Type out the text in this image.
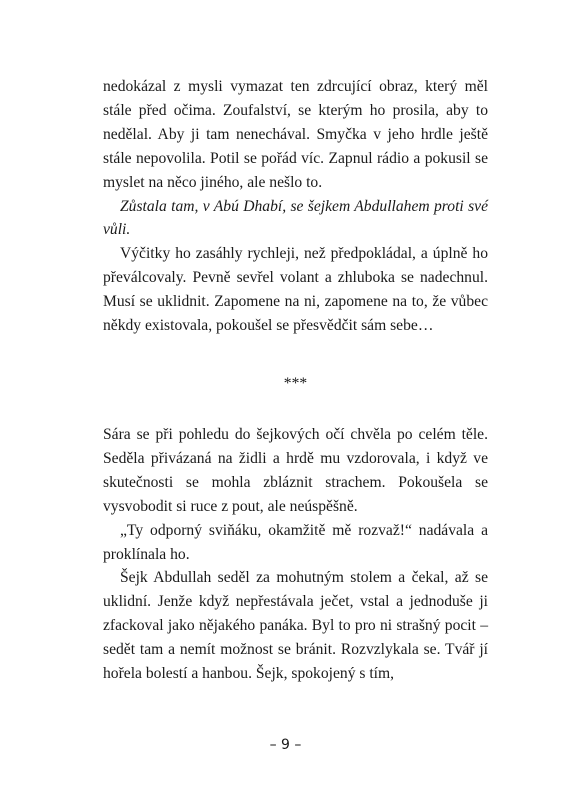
nedokázal z mysli vymazat ten zdrcující obraz, který měl stále před očima. Zoufalství, se kterým ho prosila, aby to nedělal. Aby ji tam nenechával. Smyčka v jeho hrdle ještě stále nepovolila. Potil se pořád víc. Zapnul rádio a pokusil se myslet na něco jiného, ale nešlo to.

Zůstala tam, v Abú Dhabí, se šejkem Abdullahem proti své vůli.

Výčitky ho zasáhly rychleji, než předpokládal, a úplně ho převálcovaly. Pevně sevřel volant a zhluboka se nadechnul. Musí se uklidnit. Zapomene na ni, zapomene na to, že vůbec někdy existovala, pokoušel se přesvědčit sám sebe…

***

Sára se při pohledu do šejkových očí chvěla po celém těle. Seděla přivázaná na židli a hrdě mu vzdorovala, i když ve skutečnosti se mohla zbláznit strachem. Pokoušela se vysvobodit si ruce z pout, ale neúspěšně.

„Ty odporný sviňáku, okamžitě mě rozvaž!“ nadávala a proklínala ho.

Šejk Abdullah seděl za mohutným stolem a čekal, až se uklidní. Jenže když nepřestávala ječet, vstal a jednoduše ji zfackoval jako nějakého panáka. Byl to pro ni strašný pocit – sedět tam a nemít možnost se bránit. Rozvzlykala se. Tvář jí hořela bolestí a hanbou. Šejk, spokojený s tím,

– 9 –
